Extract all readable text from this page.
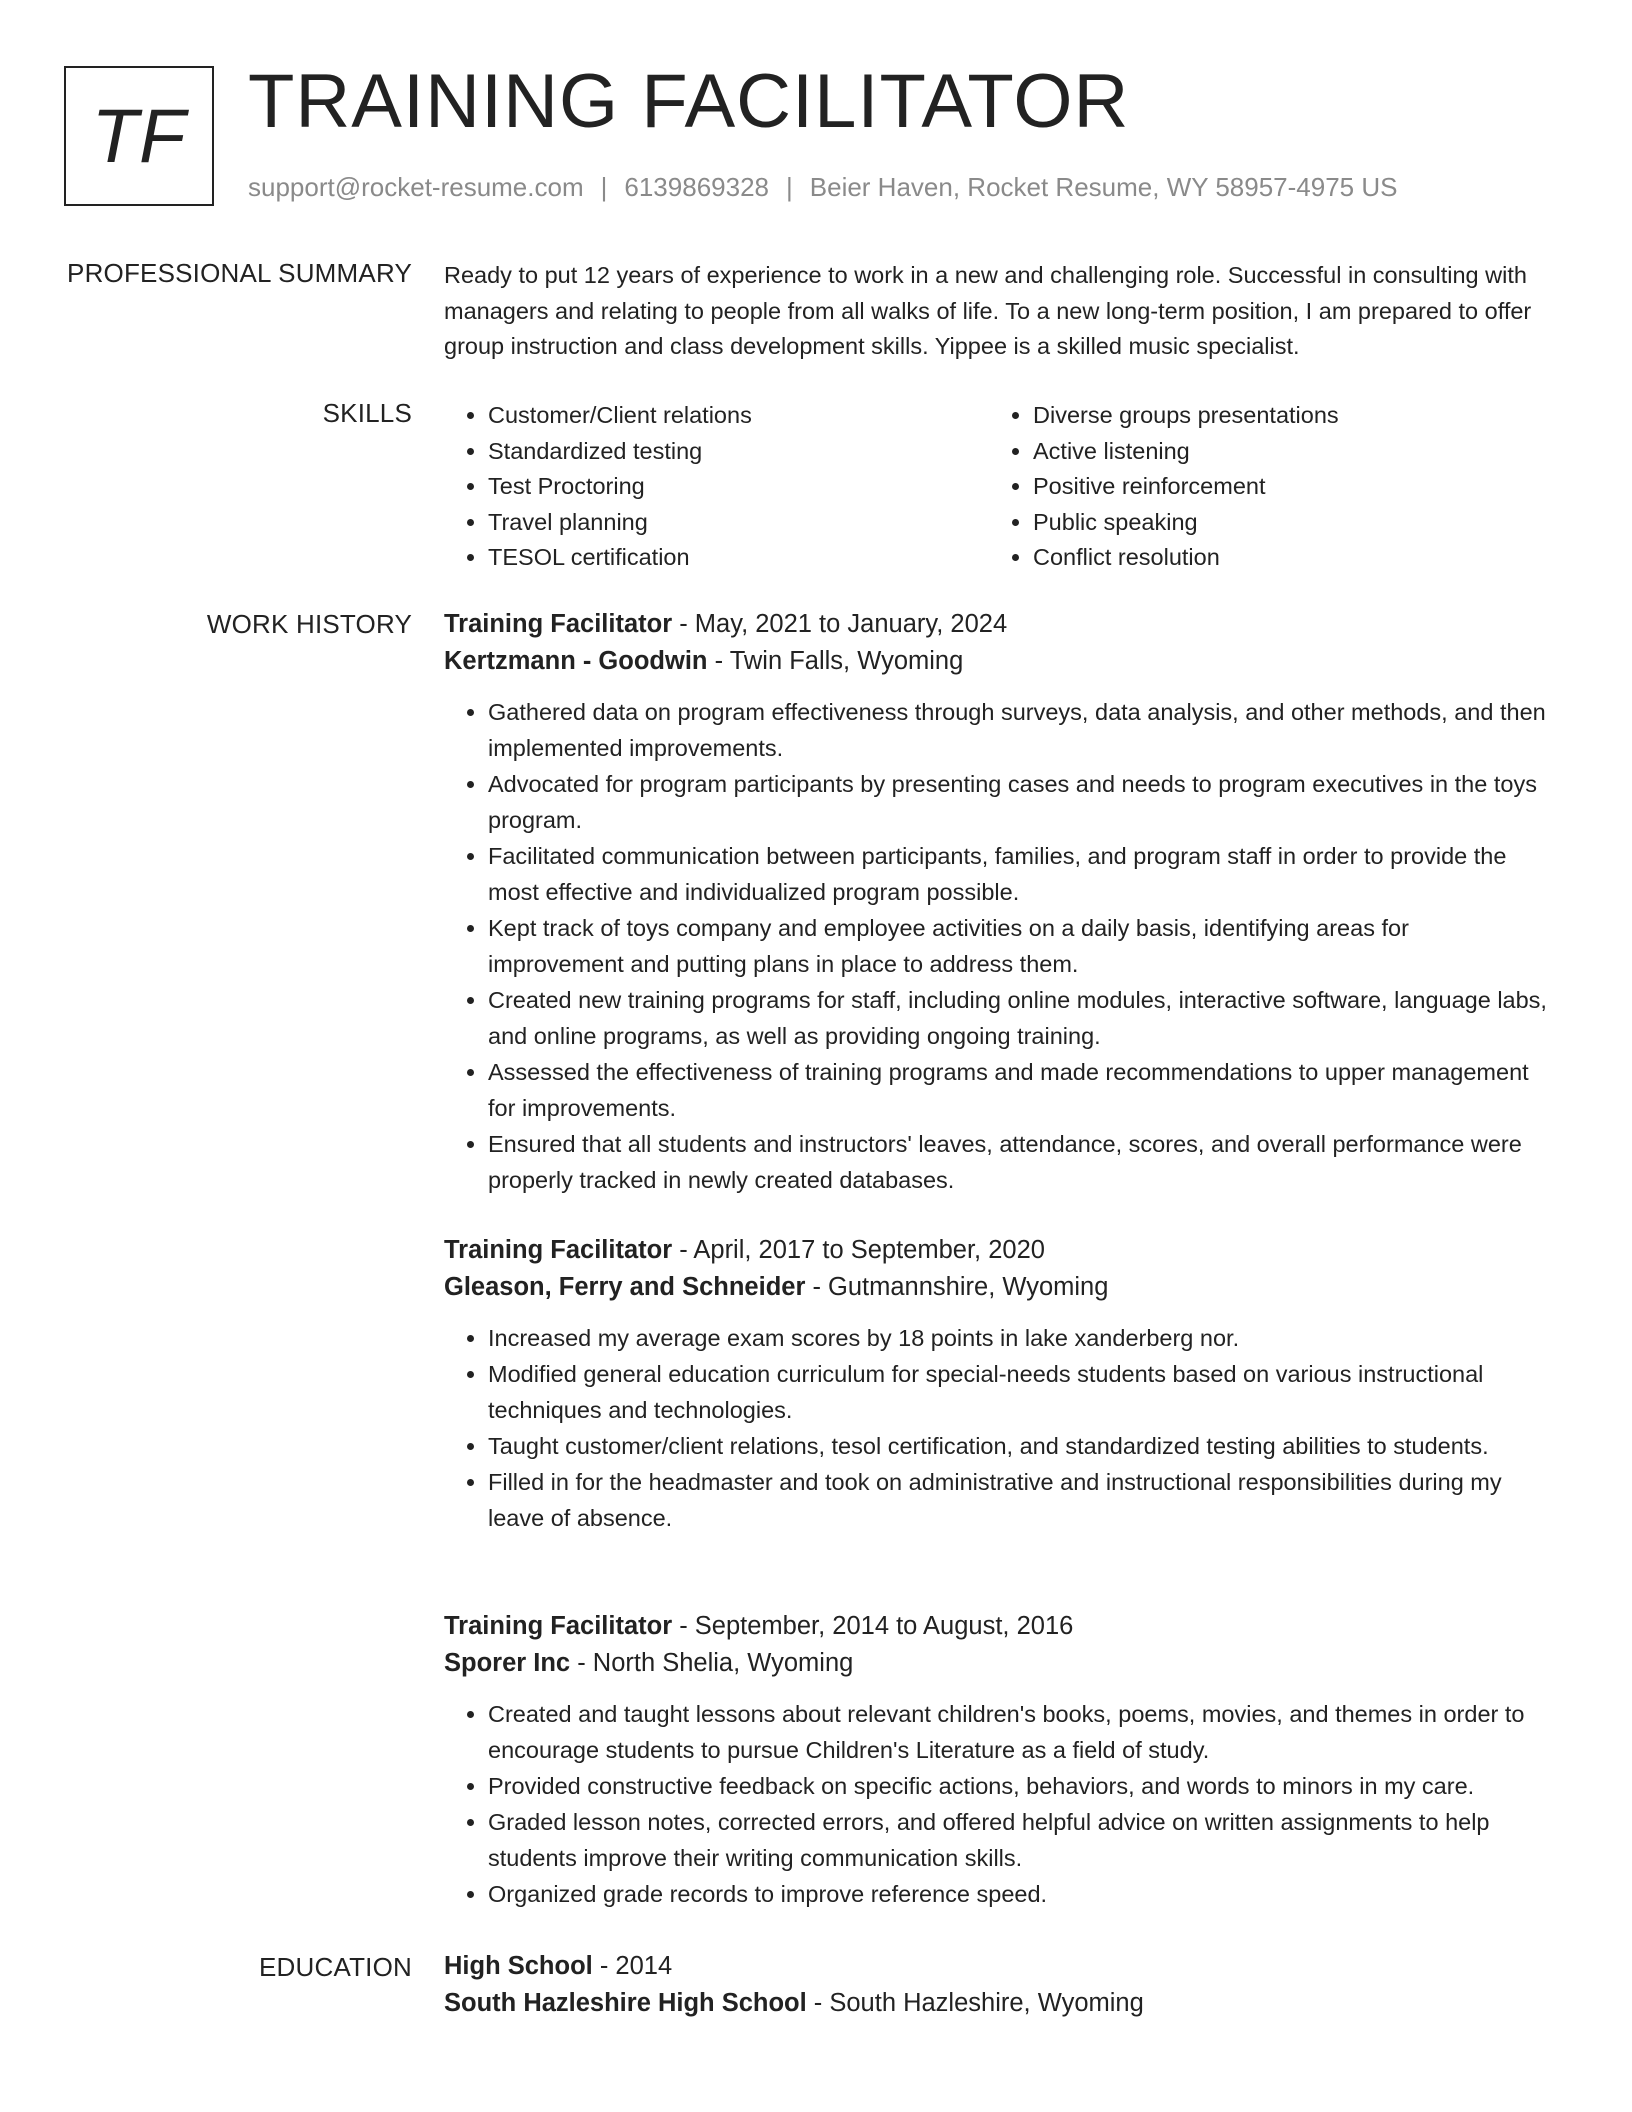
TF TRAINING FACILITATOR
support@rocket-resume.com | 6139869328 | Beier Haven, Rocket Resume, WY 58957-4975 US
PROFESSIONAL SUMMARY Ready to put 12 years of experience to work in a new and challenging role. Successful in consulting with managers and relating to people from all walks of life. To a new long-term position, I am prepared to offer group instruction and class development skills. Yippee is a skilled music specialist.

SKILLS
•	Customer/Client relations
• Standardized testing
• Test Proctoring
• Travel planning
• TESOL certification
• Diverse groups presentations
• Active listening
• Positive reinforcement
• Public speaking
• Conflict resolution
WORK HISTORY Training Facilitator - May, 2021 to January, 2024
Kertzmann - Goodwin - Twin Falls, Wyoming
• Gathered data on program effectiveness through surveys, data analysis, and other methods, and then implemented improvements.
• Advocated for program participants by presenting cases and needs to program executives in the toys program.
• Facilitated communication between participants, families, and program staff in order to provide the most effective and individualized program possible.
• Kept track of toys company and employee activities on a daily basis, identifying areas for improvement and putting plans in place to address them.
• Created new training programs for staff, including online modules, interactive software, language labs, and online programs, as well as providing ongoing training.
• Assessed the effectiveness of training programs and made recommendations to upper management for improvements.
• Ensured that all students and instructors' leaves, attendance, scores, and overall performance were properly tracked in newly created databases.
Training Facilitator - April, 2017 to September, 2020
Gleason, Ferry and Schneider - Gutmannshire, Wyoming
• Increased my average exam scores by 18 points in lake xanderberg nor.
• Modified general education curriculum for special-needs students based on various instructional techniques and technologies.
• Taught customer/client relations, tesol certification, and standardized testing abilities to students.
• Filled in for the headmaster and took on administrative and instructional responsibilities during my leave of absence.
Training Facilitator - September, 2014 to August, 2016
Sporer Inc - North Shelia, Wyoming
• Created and taught lessons about relevant children's books, poems, movies, and themes in order to encourage students to pursue Children's Literature as a field of study.
• Provided constructive feedback on specific actions, behaviors, and words to minors in my care.
• Graded lesson notes, corrected errors, and offered helpful advice on written assignments to help students improve their writing communication skills.
• Organized grade records to improve reference speed.
EDUCATION High School - 2014
South Hazleshire High School - South Hazleshire, Wyoming
